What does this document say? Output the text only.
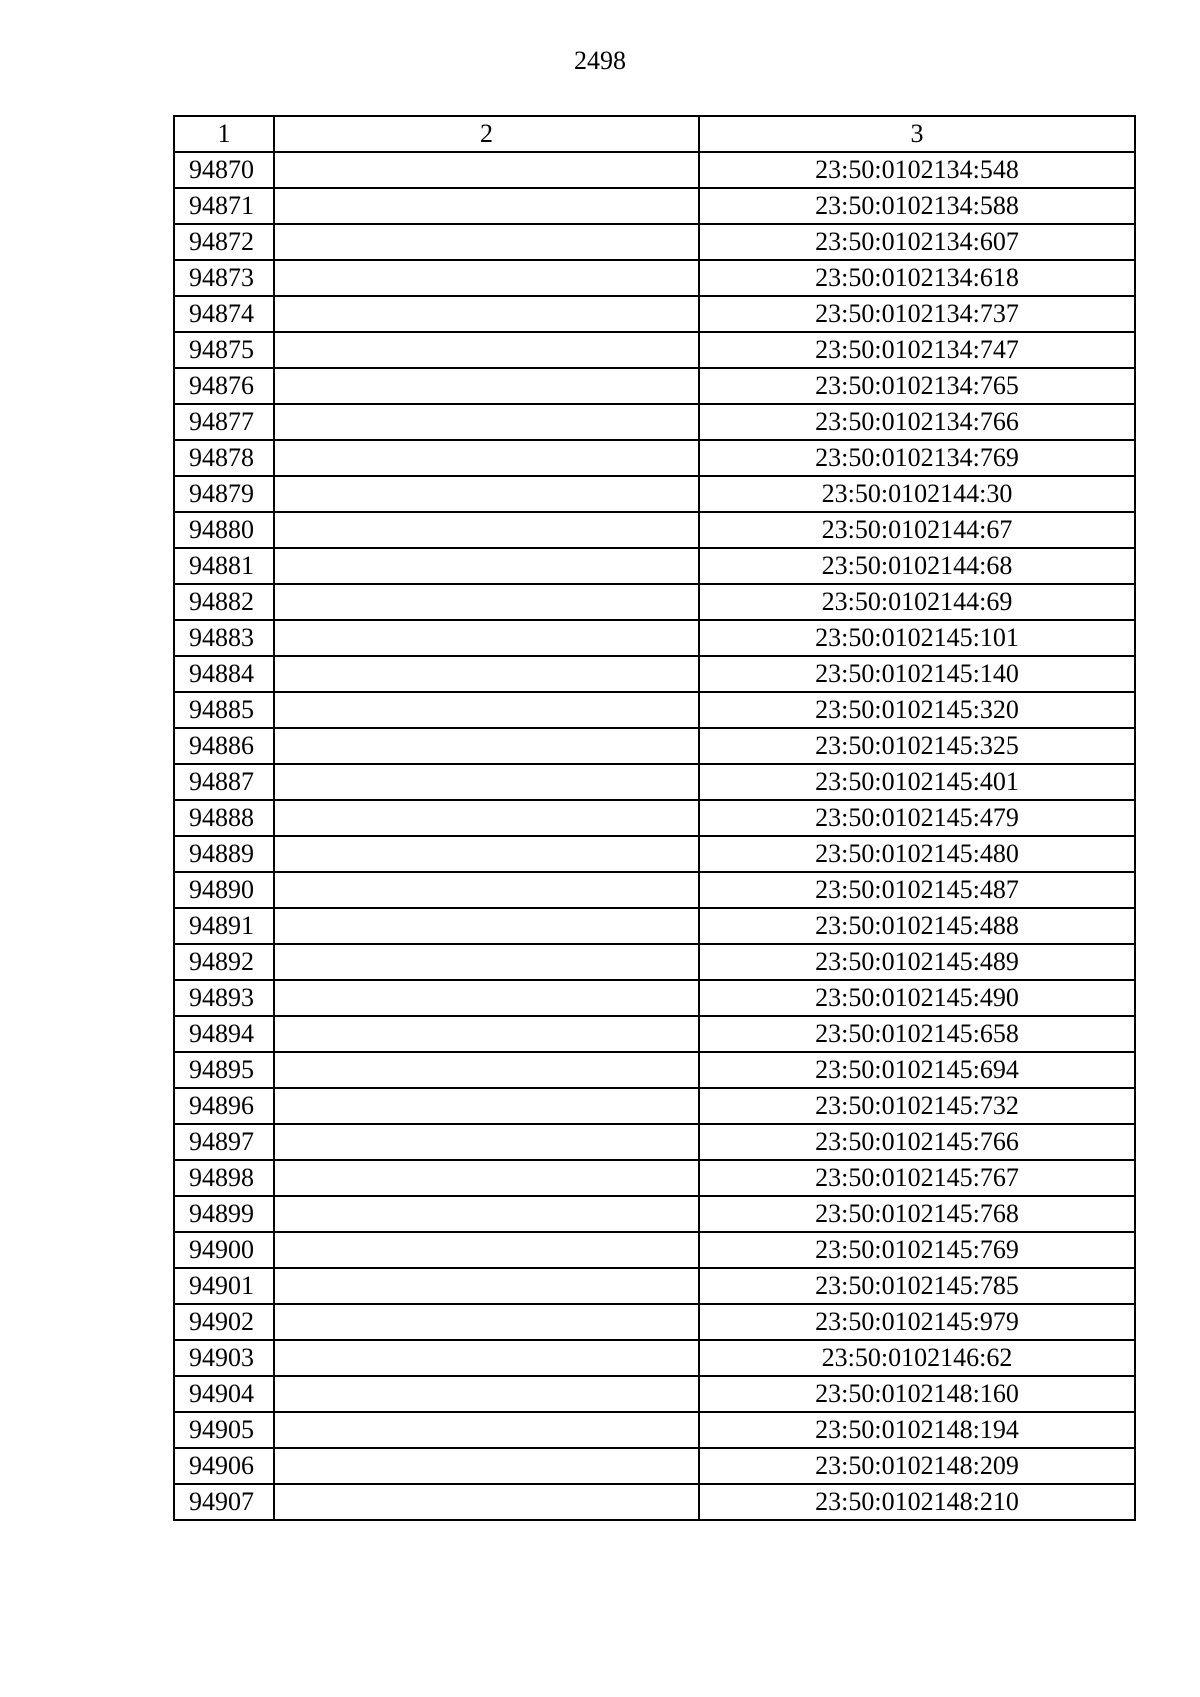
2498
1	2	3
94870		23:50:0102134:548
94871		23:50:0102134:588
94872		23:50:0102134:607
94873		23:50:0102134:618
94874		23:50:0102134:737
94875		23:50:0102134:747
94876		23:50:0102134:765
94877		23:50:0102134:766
94878		23:50:0102134:769
94879		23:50:0102144:30
94880		23:50:0102144:67
94881		23:50:0102144:68
94882		23:50:0102144:69
94883		23:50:0102145:101
94884		23:50:0102145:140
94885		23:50:0102145:320
94886		23:50:0102145:325
94887		23:50:0102145:401
94888		23:50:0102145:479
94889		23:50:0102145:480
94890		23:50:0102145:487
94891		23:50:0102145:488
94892		23:50:0102145:489
94893		23:50:0102145:490
94894		23:50:0102145:658
94895		23:50:0102145:694
94896		23:50:0102145:732
94897		23:50:0102145:766
94898		23:50:0102145:767
94899		23:50:0102145:768
94900		23:50:0102145:769
94901		23:50:0102145:785
94902		23:50:0102145:979
94903		23:50:0102146:62
94904		23:50:0102148:160
94905		23:50:0102148:194
94906		23:50:0102148:209
94907		23:50:0102148:210
